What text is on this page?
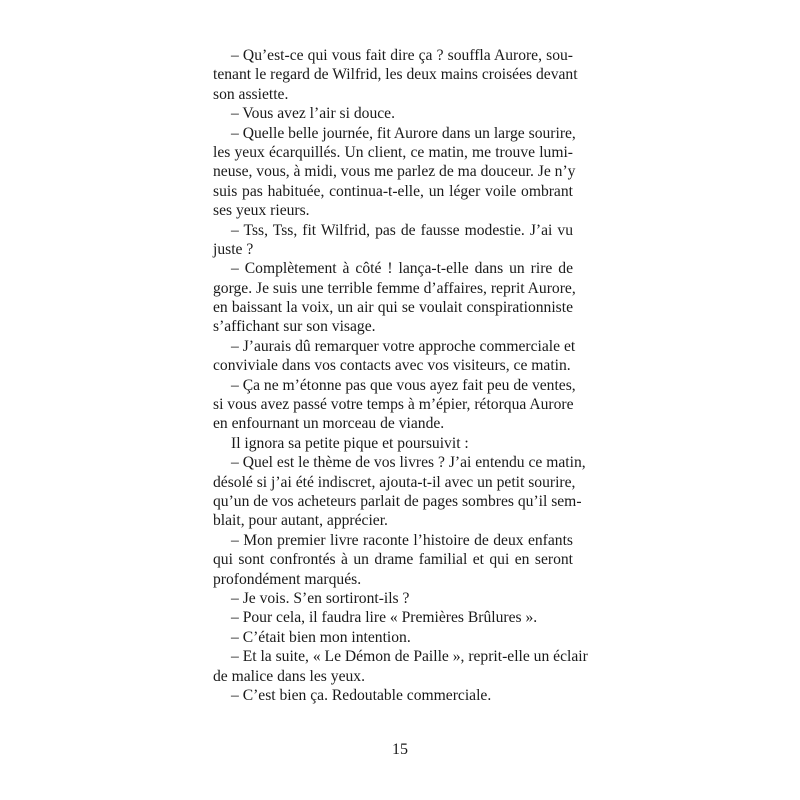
– Qu’est-ce qui vous fait dire ça ? souffla Aurore, sou-
tenant le regard de Wilfrid, les deux mains croisées devant
son assiette.
– Vous avez l’air si douce.
– Quelle belle journée, fit Aurore dans un large sourire,
les yeux écarquillés. Un client, ce matin, me trouve lumi-
neuse, vous, à midi, vous me parlez de ma douceur. Je n’y
suis pas habituée, continua-t-elle, un léger voile ombrant
ses yeux rieurs.
– Tss, Tss, fit Wilfrid, pas de fausse modestie. J’ai vu
juste ?
– Complètement à côté ! lança-t-elle dans un rire de
gorge. Je suis une terrible femme d’affaires, reprit Aurore,
en baissant la voix, un air qui se voulait conspirationniste
s’affichant sur son visage.
– J’aurais dû remarquer votre approche commerciale et
conviviale dans vos contacts avec vos visiteurs, ce matin.
– Ça ne m’étonne pas que vous ayez fait peu de ventes,
si vous avez passé votre temps à m’épier, rétorqua Aurore
en enfournant un morceau de viande.
Il ignora sa petite pique et poursuivit :
– Quel est le thème de vos livres ? J’ai entendu ce matin,
désolé si j’ai été indiscret, ajouta-t-il avec un petit sourire,
qu’un de vos acheteurs parlait de pages sombres qu’il sem-
blait, pour autant, apprécier.
– Mon premier livre raconte l’histoire de deux enfants
qui sont confrontés à un drame familial et qui en seront
profondément marqués.
– Je vois. S’en sortiront-ils ?
– Pour cela, il faudra lire « Premières Brûlures ».
– C’était bien mon intention.
– Et la suite, « Le Démon de Paille », reprit-elle un éclair
de malice dans les yeux.
– C’est bien ça. Redoutable commerciale.
15
